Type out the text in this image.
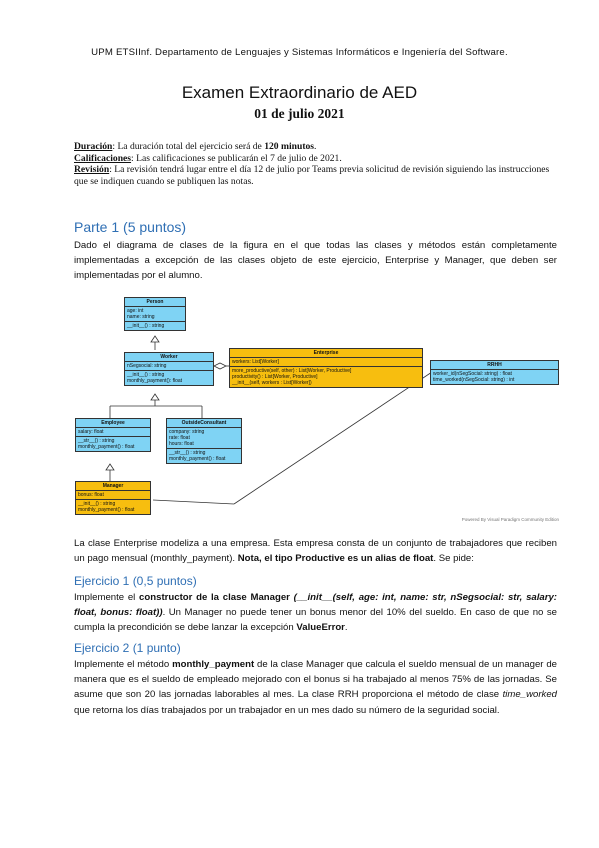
UPM ETSIInf. Departamento de Lenguajes y Sistemas Informáticos e Ingeniería del Software.
Examen Extraordinario de AED
01 de julio 2021
Duración: La duración total del ejercicio será de 120 minutos.
Calificaciones: Las calificaciones se publicarán el 7 de julio de 2021.
Revisión: La revisión tendrá lugar entre el día 12 de julio por Teams previa solicitud de revisión siguiendo las instrucciones que se indiquen cuando se publiquen las notas.
Parte 1 (5 puntos)
Dado el diagrama de clases de la figura en el que todas las clases y métodos están completamente implementadas a excepción de las clases objeto de este ejercicio, Enterprise y Manager, que deben ser implementadas por el alumno.
Person
age: int
name: string
__init__() : string
Worker
nSegsocial: string
__init__() : string
monthly_payment(): float
Enterprise
workers: List[Worker]
more_productive(self, other) : List[Worker, Productive]
productivity() : List[Worker, Productive]
__init__(self, workers : List[Worker])
RRHH
worker_id(nSegSocial: string) : float
time_worked(nSegSocial: string) : int
Employee
salary: float
__str__() : string
monthly_payment() : float
OutsideConsultant
company: string
rate: float
hours: float
__str__() : string
monthly_payment() : float
Manager
bonus: float
__init__() : string
monthly_payment() : float
Powered By Visual Paradigm Community Edition
La clase Enterprise modeliza a una empresa. Esta empresa consta de un conjunto de trabajadores que reciben un pago mensual (monthly_payment). Nota, el tipo Productive es un alias de float. Se pide:
Ejercicio 1 (0,5 puntos)
Implemente el constructor de la clase Manager (__init__(self, age: int, name: str, nSegsocial: str, salary: float, bonus: float)). Un Manager no puede tener un bonus menor del 10% del sueldo. En caso de que no se cumpla la precondición se debe lanzar la excepción ValueError.
Ejercicio 2 (1 punto)
Implemente el método monthly_payment de la clase Manager que calcula el sueldo mensual de un manager de manera que es el sueldo de empleado mejorado con el bonus si ha trabajado al menos 75% de las jornadas. Se asume que son 20 las jornadas laborables al mes. La clase RRH proporciona el método de clase time_worked que retorna los días trabajados por un trabajador en un mes dado su número de la seguridad social.
